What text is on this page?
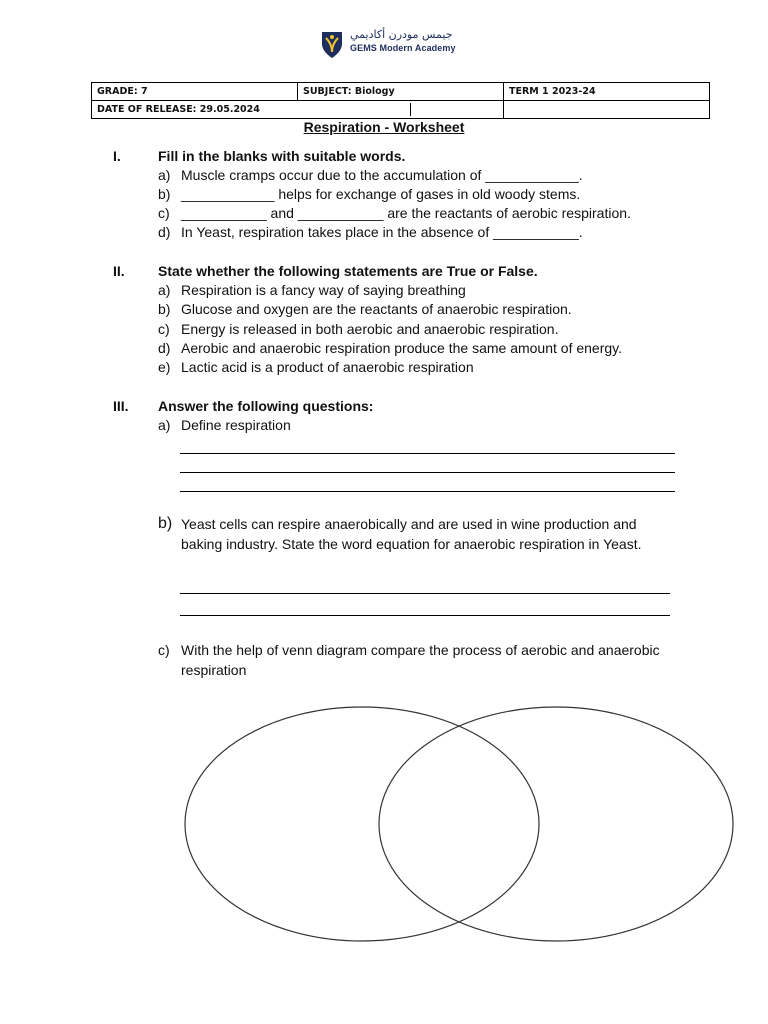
جيمس مودرن أكاديمي
GEMS Modern Academy
GRADE: 7	SUBJECT: Biology	TERM 1 2023-24

DATE OF RELEASE: 29.05.2024		

Respiration - Worksheet
I.	Fill in the blanks with suitable words.
a) Muscle cramps occur due to the accumulation of ____________.
b) ____________ helps for exchange of gases in old woody stems.
c) ___________ and ___________ are the reactants of aerobic respiration.
d) In Yeast, respiration takes place in the absence of ___________.
II. State whether the following statements are True or False.
a) Respiration is a fancy way of saying breathing
b) Glucose and oxygen are the reactants of anaerobic respiration.
c) Energy is released in both aerobic and anaerobic respiration.
d) Aerobic and anaerobic respiration produce the same amount of energy.
e) Lactic acid is a product of anaerobic respiration
III. Answer the following questions:
a) Define respiration
b) Yeast cells can respire anaerobically and are used in wine production and baking industry. State the word equation for anaerobic respiration in Yeast.
c) With the help of venn diagram compare the process of aerobic and anaerobic respiration
